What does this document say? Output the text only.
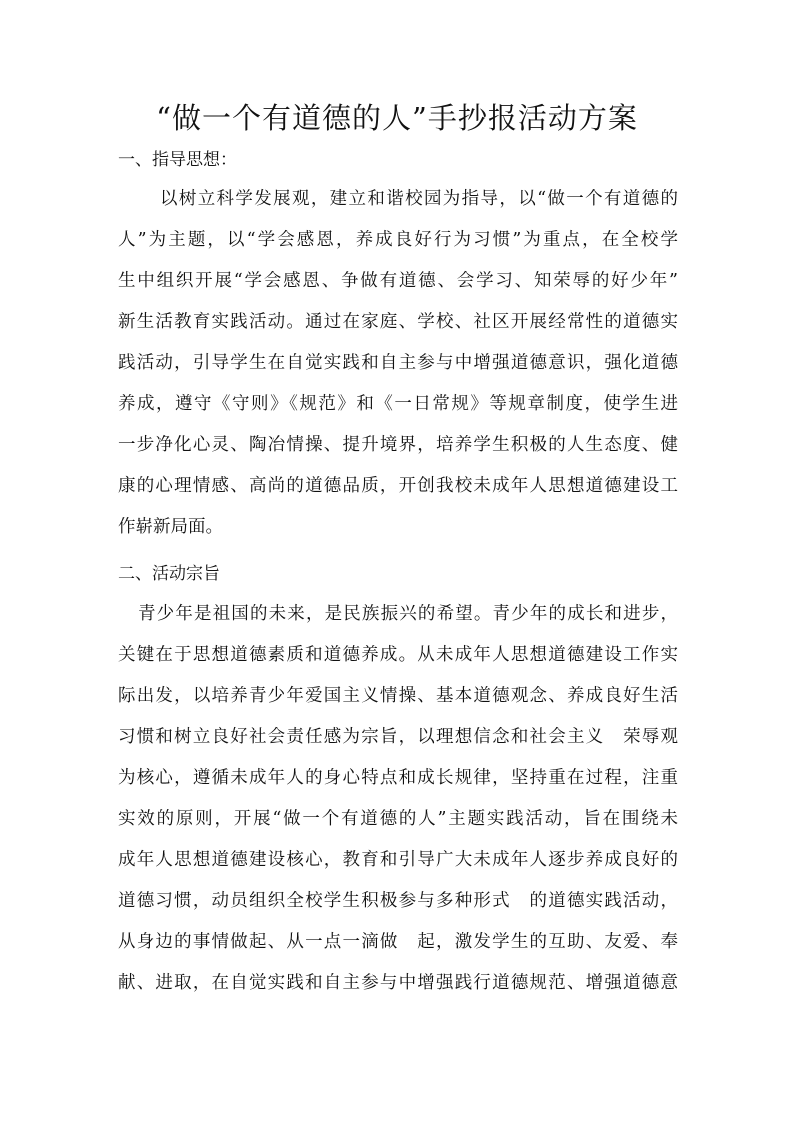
“做一个有道德的人”手抄报活动方案
一、指导思想：
以树立科学发展观，建立和谐校园为指导，以“做一个有道德的
人”为主题，以“学会感恩，养成良好行为习惯”为重点，在全校学
生中组织开展“学会感恩、争做有道德、会学习、知荣辱的好少年”
新生活教育实践活动。通过在家庭、学校、社区开展经常性的道德实
践活动，引导学生在自觉实践和自主参与中增强道德意识，强化道德
养成，遵守《守则》《规范》和《一日常规》等规章制度，使学生进
一步净化心灵、陶冶情操、提升境界，培养学生积极的人生态度、健
康的心理情感、高尚的道德品质，开创我校未成年人思想道德建设工
作崭新局面。
二、活动宗旨
青少年是祖国的未来，是民族振兴的希望。青少年的成长和进步，
关键在于思想道德素质和道德养成。从未成年人思想道德建设工作实
际出发，以培养青少年爱国主义情操、基本道德观念、养成良好生活
习惯和树立良好社会责任感为宗旨，以理想信念和社会主义　荣辱观
为核心，遵循未成年人的身心特点和成长规律，坚持重在过程，注重
实效的原则，开展“做一个有道德的人”主题实践活动，旨在围绕未
成年人思想道德建设核心，教育和引导广大未成年人逐步养成良好的
道德习惯，动员组织全校学生积极参与多种形式　的道德实践活动，
从身边的事情做起、从一点一滴做　起，激发学生的互助、友爱、奉
献、进取，在自觉实践和自主参与中增强践行道德规范、增强道德意
